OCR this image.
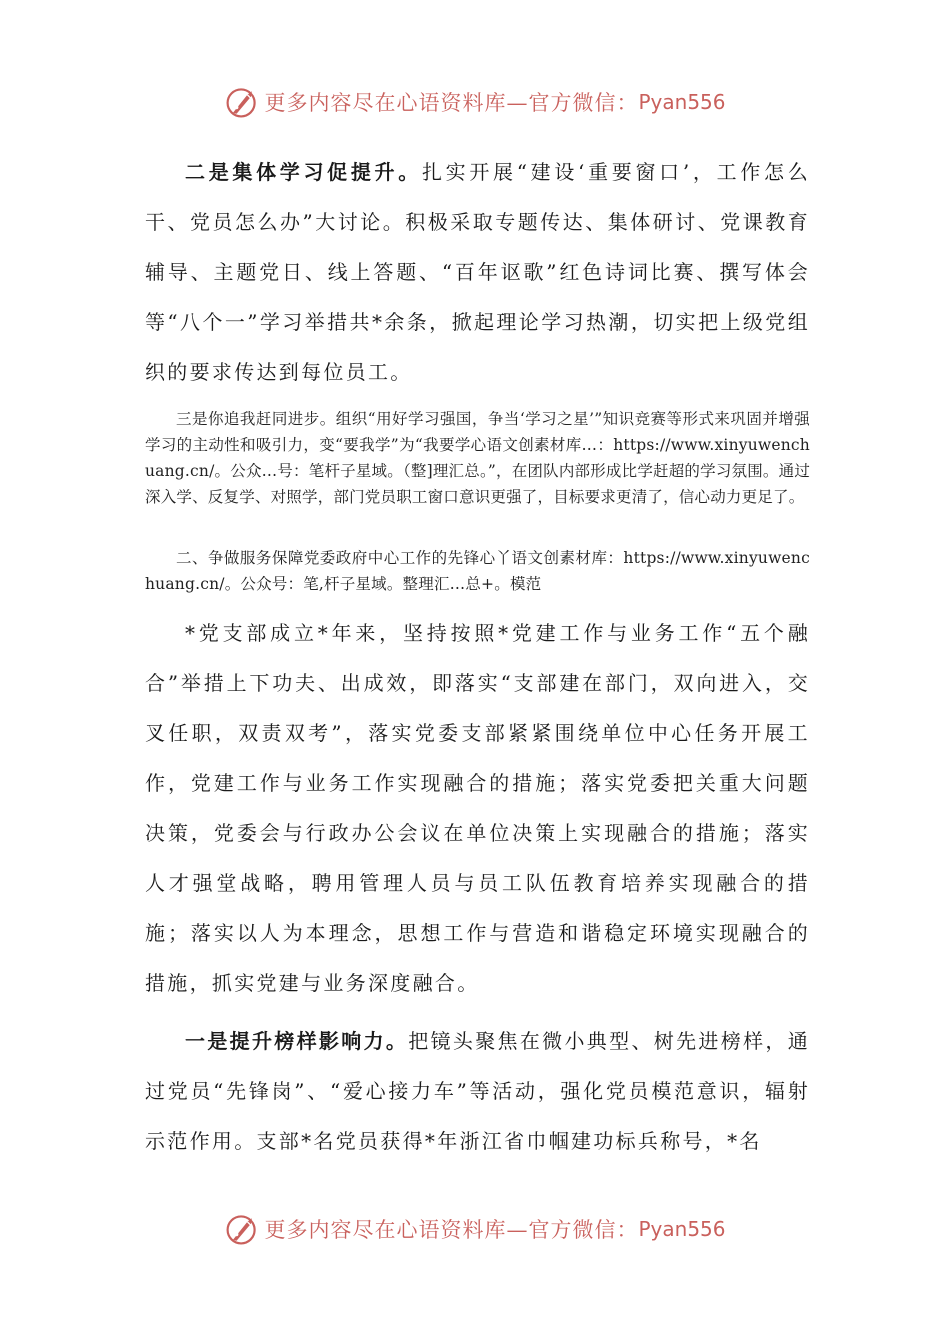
更多内容尽在心语资料库—官方微信： Pyan556

二是集体学习促提升。扎实开展“建设‘重要窗口’，工作怎么干、党员怎么办”大讨论。积极采取专题传达、集体研讨、党课教育辅导、主题党日、线上答题、“百年讴歌”红色诗词比赛、撰写体会等“八个一”学习举措共*余条，掀起理论学习热潮，切实把上级党组织的要求传达到每位员工。

三是你追我赶同进步。组织“用好学习强国，争当‘学习之星’”知识竞赛等形式来巩固并增强学习的主动性和吸引力，变“要我学”为“我要学心语文创素材库…：https://www.xinyuwenchuang.cn/。公众…号：笔杆子星域。（整]理汇总。”，在团队内部形成比学赶超的学习氛围。通过深入学、反复学、对照学，部门党员职工窗口意识更强了，目标要求更清了，信心动力更足了。

二、争做服务保障党委政府中心工作的先锋心丫语文创素材库：https://www.xinyuwenchuang.cn/。公众号：笔,杆子星域。整理汇…总+。模范

*党支部成立*年来，坚持按照*党建工作与业务工作“五个融合”举措上下功夫、出成效，即落实“支部建在部门，双向进入，交叉任职，双责双考”，落实党委支部紧紧围绕单位中心任务开展工作，党建工作与业务工作实现融合的措施；落实党委把关重大问题决策，党委会与行政办公会议在单位决策上实现融合的措施；落实人才强堂战略，聘用管理人员与员工队伍教育培养实现融合的措施；落实以人为本理念，思想工作与营造和谐稳定环境实现融合的措施，抓实党建与业务深度融合。

一是提升榜样影响力。把镜头聚焦在微小典型、树先进榜样，通过党员“先锋岗”、“爱心接力车”等活动，强化党员模范意识，辐射示范作用。支部*名党员获得*年浙江省巾帼建功标兵称号，*名

更多内容尽在心语资料库—官方微信： Pyan556
